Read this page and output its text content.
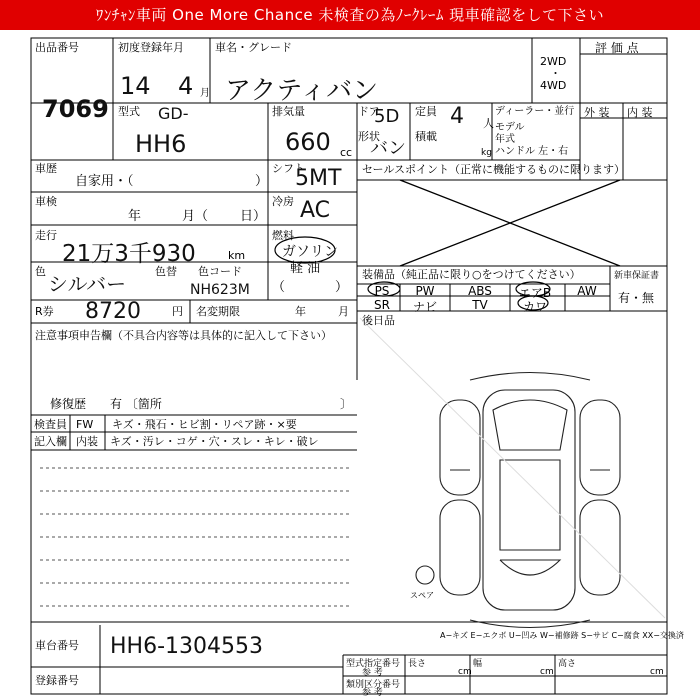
ﾜﾝﾁｬﾝ車両 One More Chance 未検査の為ﾉｰｸﾚｰﾑ 現車確認をして下さい
出品番号
7069
初度登録年月
14 4 月
車名・グレード
アクティバン
2WD
・
4WD
評 価 点
型式 GD-
HH6
排気量
660 cc
ドア
5D
形状
バン
定員 4 人
積載
kg
ディーラー・並行
モデル
年式
ハンドル 左・右
外 装 内 装
車歴
自家用・（	）
シフト
5MT
車検
年	月（ 日）
冷房 AC
走行
21万3千930	km
燃料
ガソリン
軽 油
（	）
色
シルバー
色替 色コード
NH623M
R券 8720	円 名変期限	年	月
注意事項申告欄（不具合内容等は具体的に記入して下さい）
修復歴 有 〔箇所	〕
検査員
記入欄
FW キズ・飛石・ヒビ割・リペア跡・×要
内装 キズ・汚レ・コゲ・穴・スレ・キレ・破レ
セールスポイント（正常に機能するものに限ります）
装備品（純正品に限り○をつけてください）
PS	PW	ABS	エアB	AW
SR	ナビ	TV	カワ
新車保証書
有・無
後日品
スペア
A−キズ E−エクボ U−凹み W−補修跡 S−サビ C−腐食 XX−交換済
車台番号 HH6-1304553
登録番号
型式指定番号
参 考
類別区分番号
参 考
長さ
cm
幅
cm
高さ
cm
